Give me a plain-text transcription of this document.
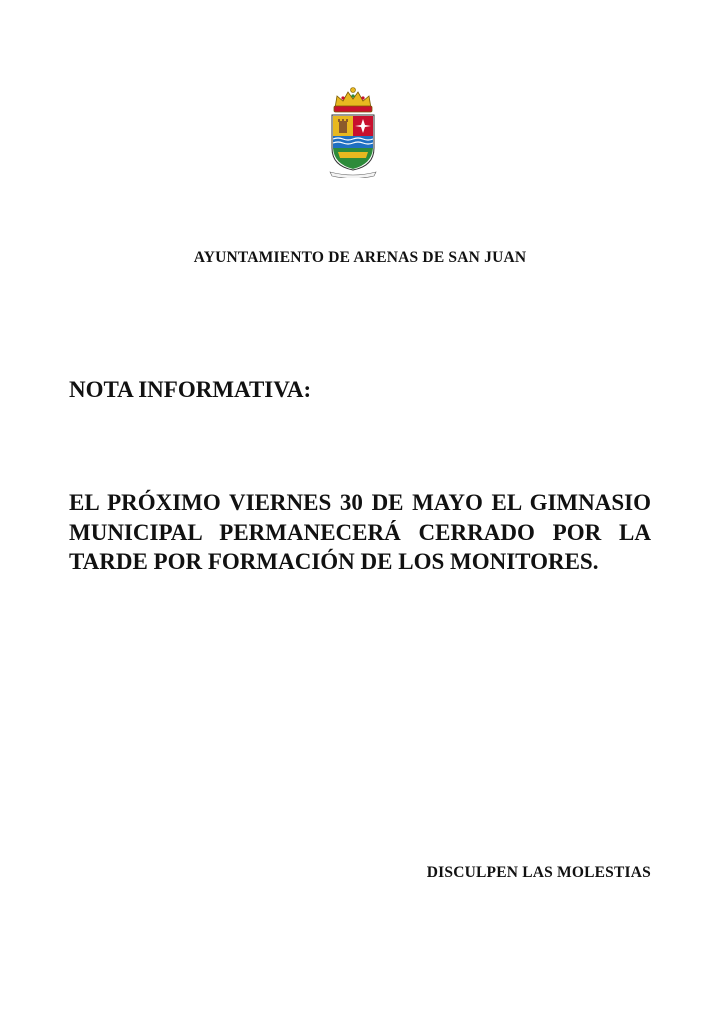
AYUNTAMIENTO DE ARENAS DE SAN JUAN
NOTA INFORMATIVA:
EL PRÓXIMO VIERNES 30 DE MAYO EL GIMNASIO MUNICIPAL PERMANECERÁ CERRADO POR LA TARDE POR FORMACIÓN DE LOS MONITORES.
DISCULPEN LAS MOLESTIAS
